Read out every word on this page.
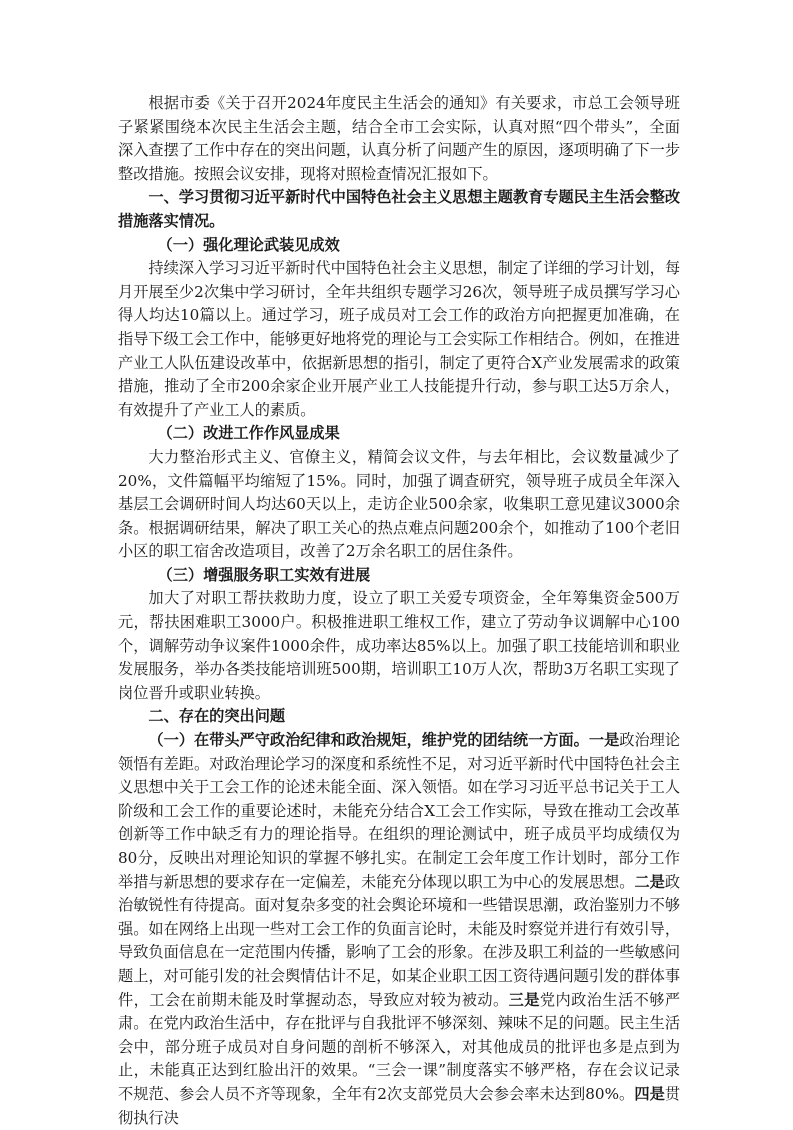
根据市委《关于召开2024年度民主生活会的通知》有关要求，市总工会领导班子紧紧围绕本次民主生活会主题，结合全市工会实际，认真对照“四个带头”，全面深入查摆了工作中存在的突出问题，认真分析了问题产生的原因，逐项明确了下一步整改措施。按照会议安排，现将对照检查情况汇报如下。

一、学习贯彻习近平新时代中国特色社会主义思想主题教育专题民主生活会整改措施落实情况。

（一）强化理论武装见成效

持续深入学习习近平新时代中国特色社会主义思想，制定了详细的学习计划，每月开展至少2次集中学习研讨，全年共组织专题学习26次，领导班子成员撰写学习心得人均达10篇以上。通过学习，班子成员对工会工作的政治方向把握更加准确，在指导下级工会工作中，能够更好地将党的理论与工会实际工作相结合。例如，在推进产业工人队伍建设改革中，依据新思想的指引，制定了更符合X产业发展需求的政策措施，推动了全市200余家企业开展产业工人技能提升行动，参与职工达5万余人，有效提升了产业工人的素质。

（二）改进工作作风显成果

大力整治形式主义、官僚主义，精简会议文件，与去年相比，会议数量减少了20%，文件篇幅平均缩短了15%。同时，加强了调查研究，领导班子成员全年深入基层工会调研时间人均达60天以上，走访企业500余家，收集职工意见建议3000余条。根据调研结果，解决了职工关心的热点难点问题200余个，如推动了100个老旧小区的职工宿舍改造项目，改善了2万余名职工的居住条件。

（三）增强服务职工实效有进展

加大了对职工帮扶救助力度，设立了职工关爱专项资金，全年筹集资金500万元，帮扶困难职工3000户。积极推进职工维权工作，建立了劳动争议调解中心100个，调解劳动争议案件1000余件，成功率达85%以上。加强了职工技能培训和职业发展服务，举办各类技能培训班500期，培训职工10万人次，帮助3万名职工实现了岗位晋升或职业转换。

二、存在的突出问题

（一）在带头严守政治纪律和政治规矩，维护党的团结统一方面。一是政治理论领悟有差距。对政治理论学习的深度和系统性不足，对习近平新时代中国特色社会主义思想中关于工会工作的论述未能全面、深入领悟。如在学习习近平总书记关于工人阶级和工会工作的重要论述时，未能充分结合X工会工作实际，导致在推动工会改革创新等工作中缺乏有力的理论指导。在组织的理论测试中，班子成员平均成绩仅为80分，反映出对理论知识的掌握不够扎实。在制定工会年度工作计划时，部分工作举措与新思想的要求存在一定偏差，未能充分体现以职工为中心的发展思想。二是政治敏锐性有待提高。面对复杂多变的社会舆论环境和一些错误思潮，政治鉴别力不够强。如在网络上出现一些对工会工作的负面言论时，未能及时察觉并进行有效引导，导致负面信息在一定范围内传播，影响了工会的形象。在涉及职工利益的一些敏感问题上，对可能引发的社会舆情估计不足，如某企业职工因工资待遇问题引发的群体事件，工会在前期未能及时掌握动态，导致应对较为被动。三是党内政治生活不够严肃。在党内政治生活中，存在批评与自我批评不够深刻、辣味不足的问题。民主生活会中，部分班子成员对自身问题的剖析不够深入，对其他成员的批评也多是点到为止，未能真正达到红脸出汗的效果。“三会一课”制度落实不够严格，存在会议记录不规范、参会人员不齐等现象，全年有2次支部党员大会参会率未达到80%。四是贯彻执行决
